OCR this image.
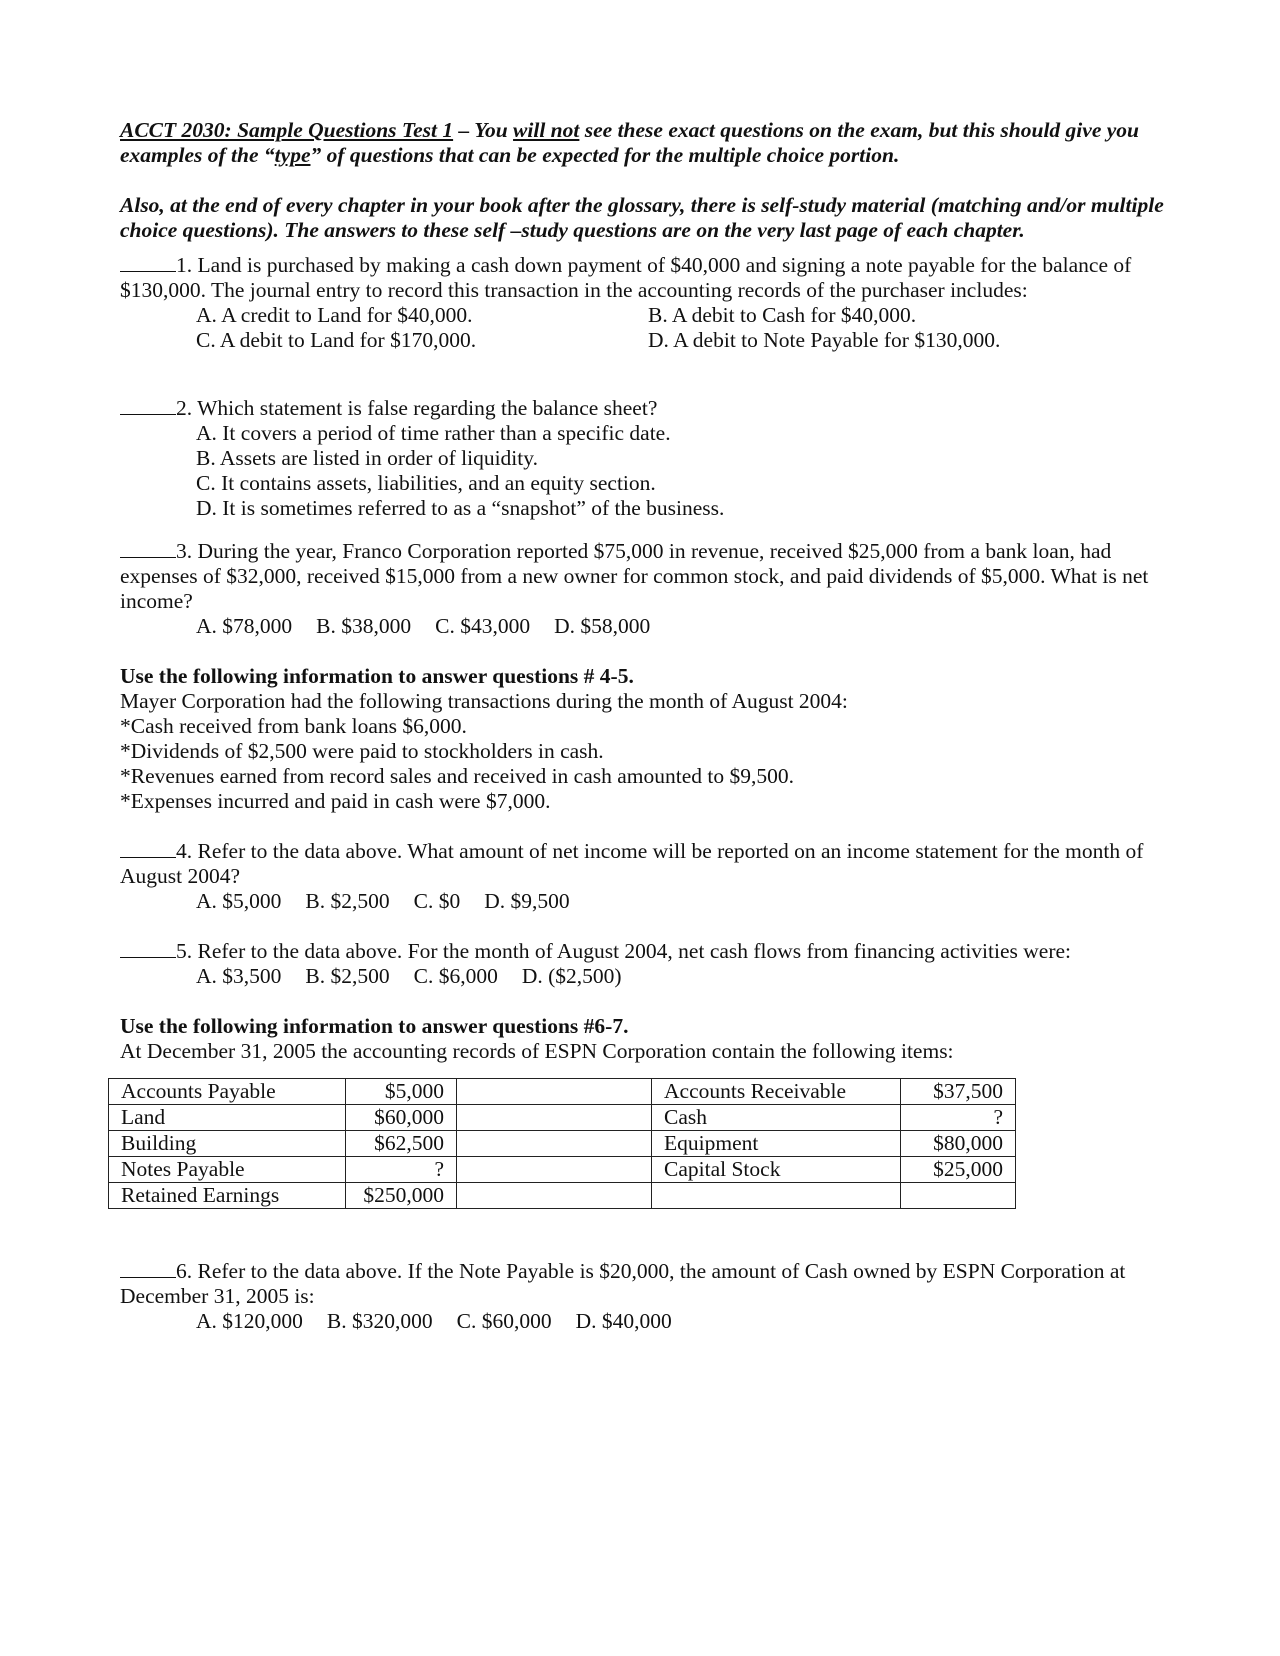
ACCT 2030: Sample Questions Test 1 – You will not see these exact questions on the exam, but this should give you examples of the “type” of questions that can be expected for the multiple choice portion.

Also, at the end of every chapter in your book after the glossary, there is self-study material (matching and/or multiple choice questions). The answers to these self –study questions are on the very last page of each chapter.

1. Land is purchased by making a cash down payment of $40,000 and signing a note payable for the balance of $130,000. The journal entry to record this transaction in the accounting records of the purchaser includes:

A. A credit to Land for $40,000.	B. A debit to Cash for $40,000.
C. A debit to Land for $170,000.	D. A debit to Note Payable for $130,000.

2. Which statement is false regarding the balance sheet?

A. It covers a period of time rather than a specific date.

B. Assets are listed in order of liquidity.

C. It contains assets, liabilities, and an equity section.

D. It is sometimes referred to as a “snapshot” of the business.

3. During the year, Franco Corporation reported $75,000 in revenue, received $25,000 from a bank loan, had expenses of $32,000, received $15,000 from a new owner for common stock, and paid dividends of $5,000. What is net income?

A. $78,000 B. $38,000 C. $43,000 D. $58,000

Use the following information to answer questions # 4-5.

Mayer Corporation had the following transactions during the month of August 2004:

*Cash received from bank loans $6,000.

*Dividends of $2,500 were paid to stockholders in cash.

*Revenues earned from record sales and received in cash amounted to $9,500.

*Expenses incurred and paid in cash were $7,000.

4. Refer to the data above. What amount of net income will be reported on an income statement for the month of August 2004?

A. $5,000 B. $2,500 C. $0 D. $9,500

5. Refer to the data above. For the month of August 2004, net cash flows from financing activities were:

A. $3,500 B. $2,500 C. $6,000 D. ($2,500)

Use the following information to answer questions #6-7.

At December 31, 2005 the accounting records of ESPN Corporation contain the following items:

Accounts Payable	$5,000		Accounts Receivable	$37,500
Land	$60,000		Cash	?
Building	$62,500		Equipment	$80,000
Notes Payable	?		Capital Stock	$25,000
Retained Earnings	$250,000			

6. Refer to the data above. If the Note Payable is $20,000, the amount of Cash owned by ESPN Corporation at December 31, 2005 is:

A. $120,000 B. $320,000 C. $60,000 D. $40,000
